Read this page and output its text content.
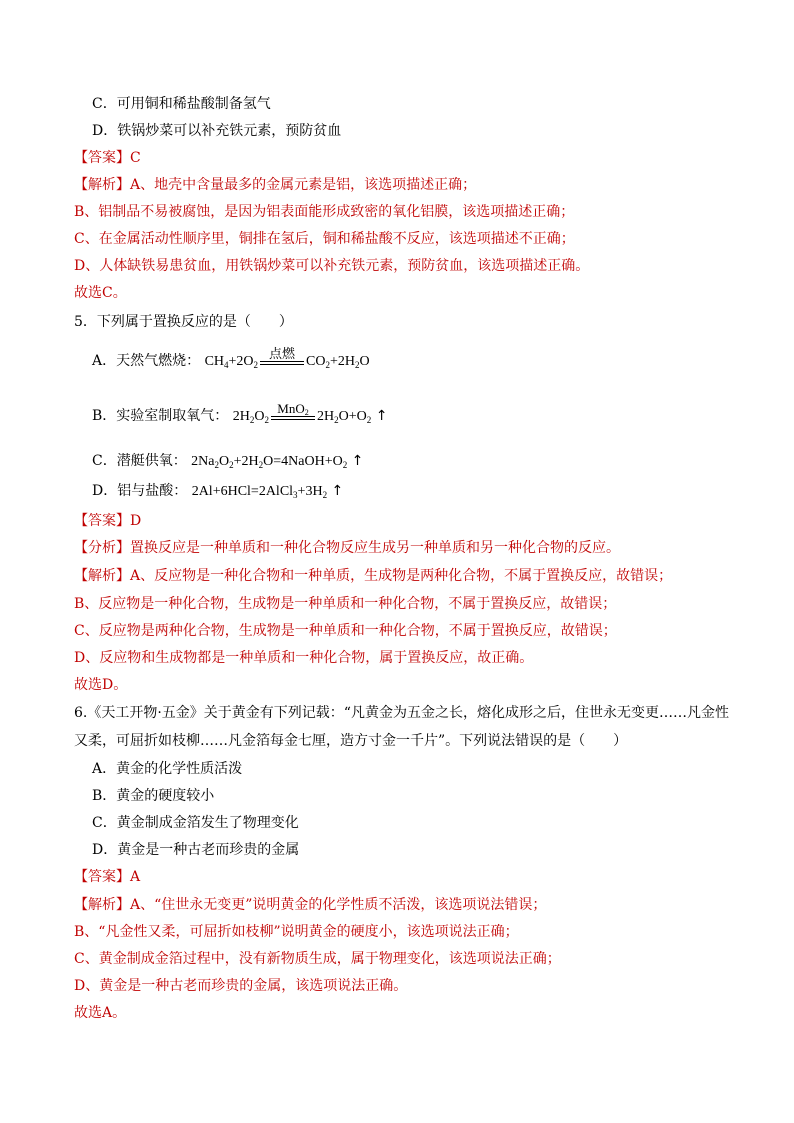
C．可用铜和稀盐酸制备氢气
D．铁锅炒菜可以补充铁元素，预防贫血
【答案】C
【解析】A、地壳中含量最多的金属元素是铝，该选项描述正确；
B、铝制品不易被腐蚀，是因为铝表面能形成致密的氧化铝膜，该选项描述正确；
C、在金属活动性顺序里，铜排在氢后，铜和稀盐酸不反应，该选项描述不正确；
D、人体缺铁易患贫血，用铁锅炒菜可以补充铁元素，预防贫血，该选项描述正确。
故选C。
5．下列属于置换反应的是（　　）
A．天然气燃烧： $CH_4+2O_2$
点燃
$CO_2+2H_2O$
B．实验室制取氧气： $2H_2O_2$
MnO$_2$ $2H_2O+O_2$ ↑
C．潜艇供氧： $2Na_2O_2+2H_2O=4NaOH+O_2$ ↑
D．铝与盐酸： $2Al+6HCl=2AlCl_3+3H_2$ ↑
【答案】D
【分析】置换反应是一种单质和一种化合物反应生成另一种单质和另一种化合物的反应。
【解析】A、反应物是一种化合物和一种单质，生成物是两种化合物，不属于置换反应，故错误；
B、反应物是一种化合物，生成物是一种单质和一种化合物，不属于置换反应，故错误；
C、反应物是两种化合物，生成物是一种单质和一种化合物，不属于置换反应，故错误；
D、反应物和生成物都是一种单质和一种化合物，属于置换反应，故正确。
故选D。
6.《天工开物·五金》关于黄金有下列记载：“凡黄金为五金之长，熔化成形之后，住世永无变更……凡金性
又柔，可屈折如枝柳……凡金箔每金七厘，造方寸金一千片”。下列说法错误的是（　　）
A．黄金的化学性质活泼
B．黄金的硬度较小
C．黄金制成金箔发生了物理变化
D．黄金是一种古老而珍贵的金属
【答案】A
【解析】A、“住世永无变更”说明黄金的化学性质不活泼，该选项说法错误；
B、“凡金性又柔，可屈折如枝柳”说明黄金的硬度小，该选项说法正确；
C、黄金制成金箔过程中，没有新物质生成，属于物理变化，该选项说法正确；
D、黄金是一种古老而珍贵的金属，该选项说法正确。
故选A。
